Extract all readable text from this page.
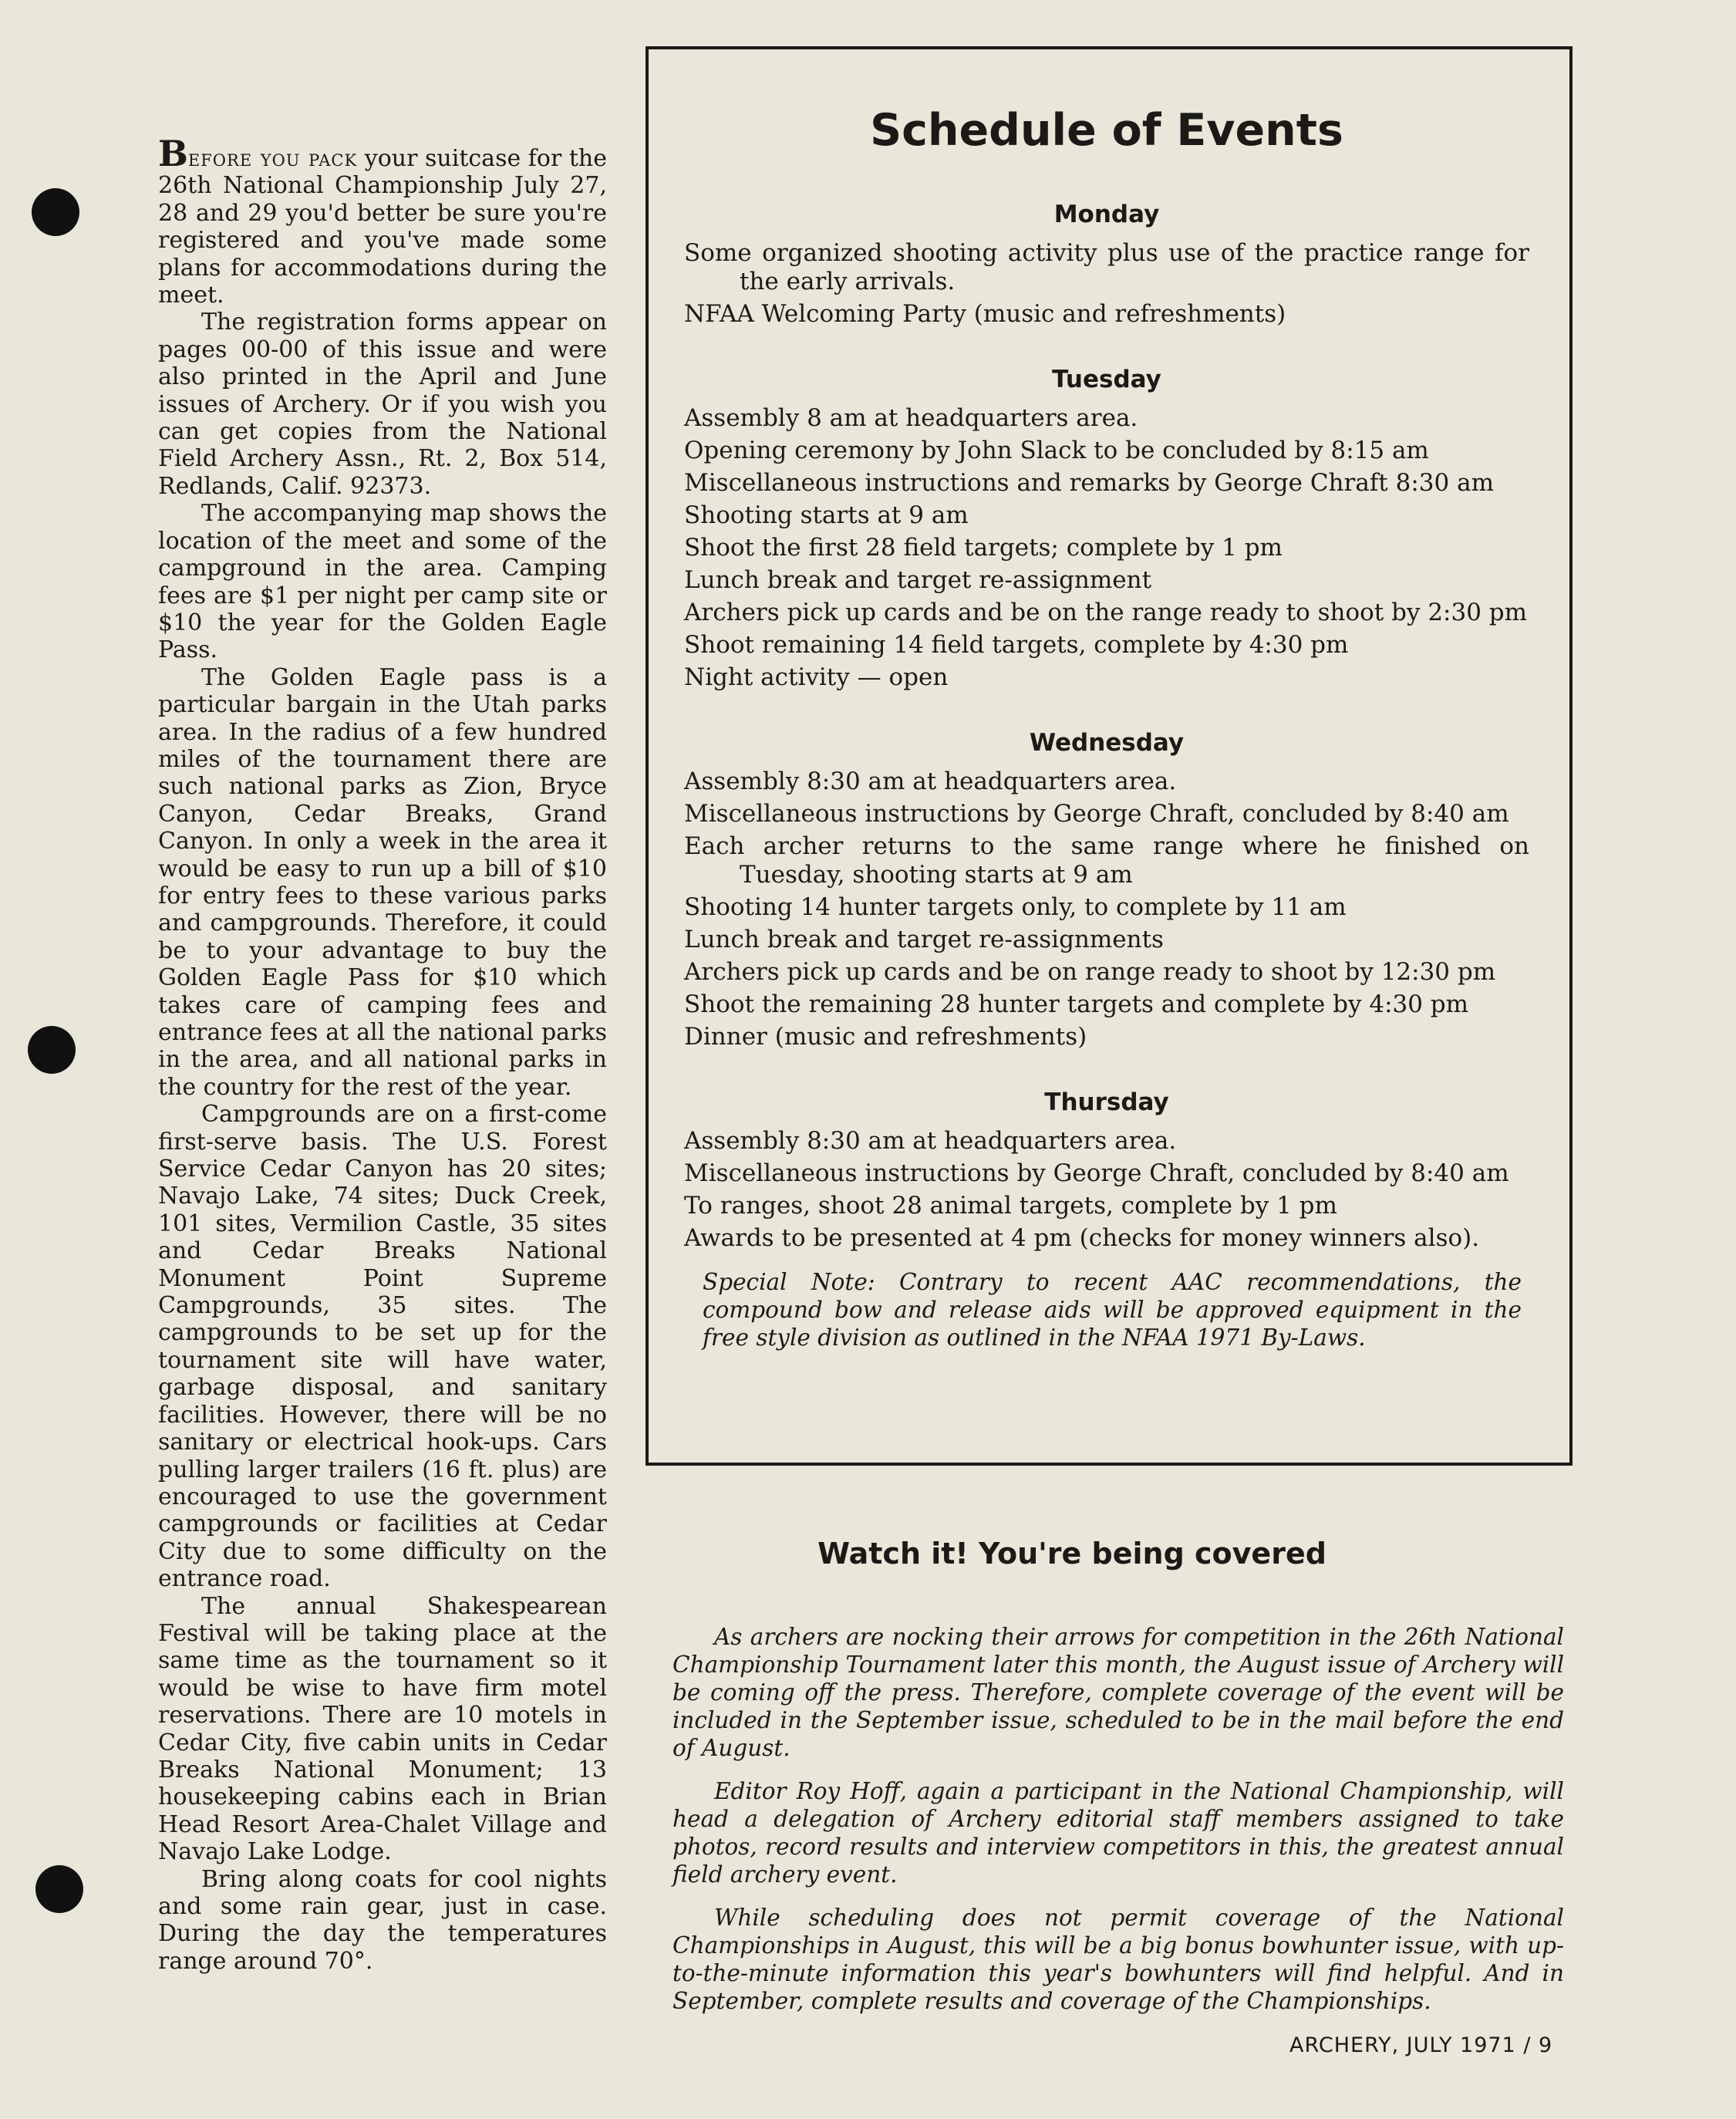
Before you pack your suitcase for the 26th National Championship July 27, 28 and 29 you'd better be sure you're registered and you've made some plans for accommodations during the meet.

The registration forms appear on pages 00-00 of this issue and were also printed in the April and June issues of Archery. Or if you wish you can get copies from the National Field Archery Assn., Rt. 2, Box 514, Redlands, Calif. 92373.

The accompanying map shows the location of the meet and some of the campground in the area. Camping fees are $1 per night per camp site or $10 the year for the Golden Eagle Pass.

The Golden Eagle pass is a particular bargain in the Utah parks area. In the radius of a few hundred miles of the tournament there are such national parks as Zion, Bryce Canyon, Cedar Breaks, Grand Canyon. In only a week in the area it would be easy to run up a bill of $10 for entry fees to these various parks and campgrounds. Therefore, it could be to your advantage to buy the Golden Eagle Pass for $10 which takes care of camping fees and entrance fees at all the national parks in the area, and all national parks in the country for the rest of the year.

Campgrounds are on a first-come first-serve basis. The U.S. Forest Service Cedar Canyon has 20 sites; Navajo Lake, 74 sites; Duck Creek, 101 sites, Vermilion Castle, 35 sites and Cedar Breaks National Monument Point Supreme Campgrounds, 35 sites. The campgrounds to be set up for the tournament site will have water, garbage disposal, and sanitary facilities. However, there will be no sanitary or electrical hook-ups. Cars pulling larger trailers (16 ft. plus) are encouraged to use the government campgrounds or facilities at Cedar City due to some difficulty on the entrance road.

The annual Shakespearean Festival will be taking place at the same time as the tournament so it would be wise to have firm motel reservations. There are 10 motels in Cedar City, five cabin units in Cedar Breaks National Monument; 13 housekeeping cabins each in Brian Head Resort Area-Chalet Village and Navajo Lake Lodge.

Bring along coats for cool nights and some rain gear, just in case. During the day the temperatures range around 70°.

Schedule of Events
Monday
Some organized shooting activity plus use of the practice range for the early arrivals.
NFAA Welcoming Party (music and refreshments)
Tuesday
Assembly 8 am at headquarters area.
Opening ceremony by John Slack to be concluded by 8:15 am
Miscellaneous instructions and remarks by George Chraft 8:30 am
Shooting starts at 9 am
Shoot the first 28 field targets; complete by 1 pm
Lunch break and target re-assignment
Archers pick up cards and be on the range ready to shoot by 2:30 pm
Shoot remaining 14 field targets, complete by 4:30 pm
Night activity — open
Wednesday
Assembly 8:30 am at headquarters area.
Miscellaneous instructions by George Chraft, concluded by 8:40 am
Each archer returns to the same range where he finished on Tuesday, shooting starts at 9 am
Shooting 14 hunter targets only, to complete by 11 am
Lunch break and target re-assignments
Archers pick up cards and be on range ready to shoot by 12:30 pm
Shoot the remaining 28 hunter targets and complete by 4:30 pm
Dinner (music and refreshments)
Thursday
Assembly 8:30 am at headquarters area.
Miscellaneous instructions by George Chraft, concluded by 8:40 am
To ranges, shoot 28 animal targets, complete by 1 pm
Awards to be presented at 4 pm (checks for money winners also).

Special Note: Contrary to recent AAC recommendations, the compound bow and release aids will be approved equipment in the free style division as outlined in the NFAA 1971 By-Laws.

Watch it! You're being covered

As archers are nocking their arrows for competition in the 26th National Championship Tournament later this month, the August issue of Archery will be coming off the press. Therefore, complete coverage of the event will be included in the September issue, scheduled to be in the mail before the end of August.

Editor Roy Hoff, again a participant in the National Championship, will head a delegation of Archery editorial staff members assigned to take photos, record results and interview competitors in this, the greatest annual field archery event.

While scheduling does not permit coverage of the National Championships in August, this will be a big bonus bowhunter issue, with up-to-the-minute information this year's bowhunters will find helpful. And in September, complete results and coverage of the Championships.

ARCHERY, JULY 1971 / 9
